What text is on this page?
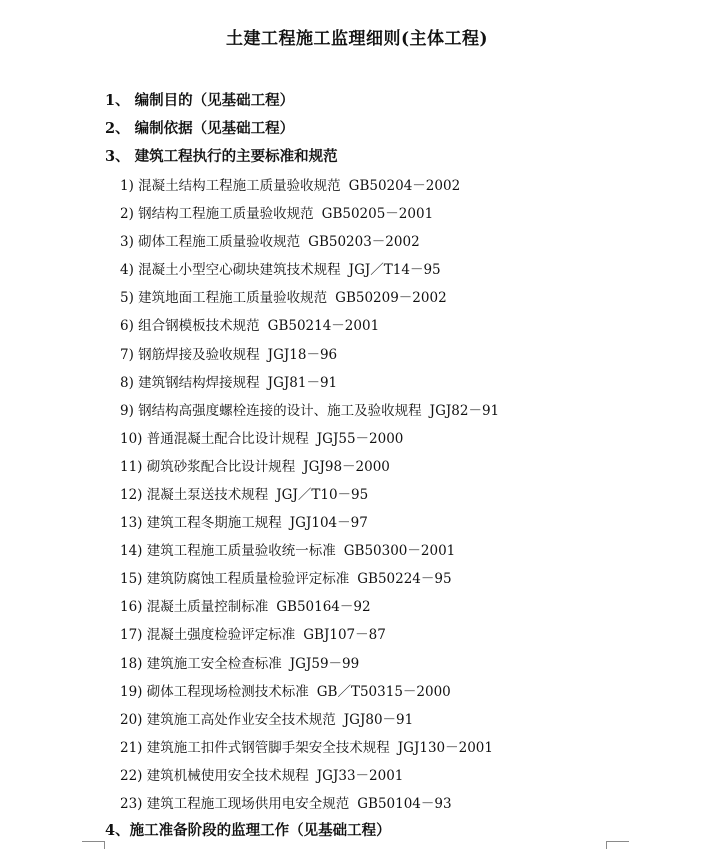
土建工程施工监理细则(主体工程)
1、 编制目的（见基础工程）
2、 编制依据（见基础工程）
3、 建筑工程执行的主要标准和规范
1) 混凝土结构工程施工质量验收规范 GB50204－2002
2) 钢结构工程施工质量验收规范 GB50205－2001
3) 砌体工程施工质量验收规范 GB50203－2002
4) 混凝土小型空心砌块建筑技术规程 JGJ／T14－95
5) 建筑地面工程施工质量验收规范 GB50209－2002
6) 组合钢模板技术规范 GB50214－2001
7) 钢筋焊接及验收规程 JGJ18－96
8) 建筑钢结构焊接规程 JGJ81－91
9) 钢结构高强度螺栓连接的设计、施工及验收规程 JGJ82－91
10) 普通混凝土配合比设计规程 JGJ55－2000
11) 砌筑砂浆配合比设计规程 JGJ98－2000
12) 混凝土泵送技术规程 JGJ／T10－95
13) 建筑工程冬期施工规程 JGJ104－97
14) 建筑工程施工质量验收统一标准 GB50300－2001
15) 建筑防腐蚀工程质量检验评定标准 GB50224－95
16) 混凝土质量控制标准 GB50164－92
17) 混凝土强度检验评定标准 GBJ107－87
18) 建筑施工安全检查标准 JGJ59－99
19) 砌体工程现场检测技术标准 GB／T50315－2000
20) 建筑施工高处作业安全技术规范 JGJ80－91
21) 建筑施工扣件式钢管脚手架安全技术规程 JGJ130－2001
22) 建筑机械使用安全技术规程 JGJ33－2001
23) 建筑工程施工现场供用电安全规范 GB50104－93
4、施工准备阶段的监理工作（见基础工程）
